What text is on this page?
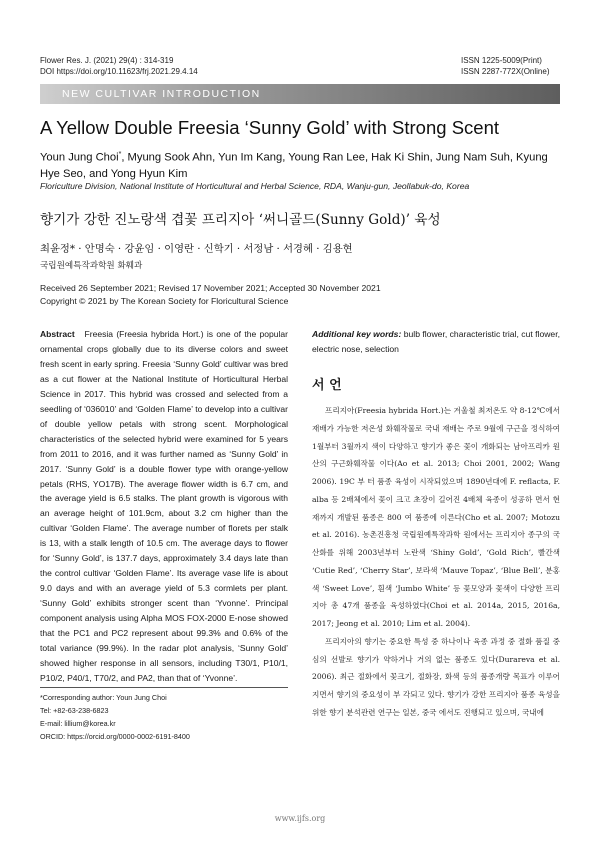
Flower Res. J. (2021) 29(4) : 314-319
DOI https://doi.org/10.11623/frj.2021.29.4.14
ISSN 1225-5009(Print)
ISSN 2287-772X(Online)
NEW CULTIVAR INTRODUCTION
A Yellow Double Freesia ‘Sunny Gold’ with Strong Scent
Youn Jung Choi*, Myung Sook Ahn, Yun Im Kang, Young Ran Lee, Hak Ki Shin, Jung Nam Suh, Kyung Hye Seo, and Yong Hyun Kim
Floriculture Division, National Institute of Horticultural and Herbal Science, RDA, Wanju-gun, Jeollabuk-do, Korea
향기가 강한 진노랑색 겹꽃 프리지아 ‘써니골드(Sunny Gold)’ 육성
최윤정* · 안명숙 · 강윤임 · 이영란 · 신학기 · 서정남 · 서경혜 · 김용현
국립원예특작과학원 화훼과
Received 26 September 2021; Revised 17 November 2021; Accepted 30 November 2021
Copyright © 2021 by The Korean Society for Floricultural Science
Abstract Freesia (Freesia hybrida Hort.) is one of the popular ornamental crops globally due to its diverse colors and sweet fresh scent in early spring. Freesia ‘Sunny Gold’ cultivar was bred as a cut flower at the National Institute of Horticultural Herbal Science in 2017. This hybrid was crossed and selected from a seedling of ‘036010’ and ‘Golden Flame’ to develop into a cultivar of double yellow petals with strong scent. Morphological characteristics of the selected hybrid were examined for 5 years from 2011 to 2016, and it was further named as ‘Sunny Gold’ in 2017. ‘Sunny Gold’ is a double flower type with orange-yellow petals (RHS, YO17B). The average flower width is 6.7 cm, and the average yield is 6.5 stalks. The plant growth is vigorous with an average height of 101.9cm, about 3.2 cm higher than the cultivar ‘Golden Flame’. The average number of florets per stalk is 13, with a stalk length of 10.5 cm. The average days to flower for ‘Sunny Gold’, is 137.7 days, approximately 3.4 days late than the control cultivar ‘Golden Flame’. Its average vase life is about 9.0 days and with an average yield of 5.3 cormlets per plant. ‘Sunny Gold’ exhibits stronger scent than ‘Yvonne’. Principal component analysis using Alpha MOS FOX-2000 E-nose showed that the PC1 and PC2 represent about 99.3% and 0.6% of the total variance (99.9%). In the radar plot analysis, ‘Sunny Gold’ showed higher response in all sensors, including T30/1, P10/1, P10/2, P40/1, T70/2, and PA2, than that of ‘Yvonne’.
*Corresponding author: Youn Jung Choi
Tel: +82-63-238-6823
E-mail: lillium@korea.kr
ORCID: https://orcid.org/0000-0002-6191-8400
Additional key words: bulb flower, characteristic trial, cut flower, electric nose, selection
서 언

프리지아(Freesia hybrida Hort.)는 겨울철 최저온도 약 8-12℃에서 재배가 가능한 저온성 화훼작물로 국내 재배는 주로 9월에 구근을 정식하여 1월부터 3월까지 색이 다양하고 향기가 좋은 꽃이 개화되는 남아프리카 원산의 구근화훼작물 이다(Ao et al. 2013; Choi 2001, 2002; Wang 2006). 19C 부 터 품종 육성이 시작되었으며 1890년대에 F. reflacta, F. alba 등 2배체에서 꽃이 크고 초장이 길어진 4배체 육종이 성공하 면서 현재까지 개발된 품종은 800 여 품종에 이른다(Cho et al. 2007; Motozu et al. 2016). 농촌진흥청 국립원예특작과학 원에서는 프리지아 종구의 국산화를 위해 2003년부터 노란색 ‘Shiny Gold’, ‘Gold Rich’, 빨간색 ‘Cutie Red’, ‘Cherry Star’, 보라색 ‘Mauve Topaz’, ‘Blue Bell’, 분홍색 ‘Sweet Love’, 흰색 ‘Jumbo White’ 등 꽃모양과 꽃색이 다양한 프리지아 총 47개 품종을 육성하였다(Choi et al. 2014a, 2015, 2016a, 2017; Jeong et al. 2010; Lim et al. 2004).

프리지아의 향기는 중요한 특성 중 하나이나 육종 과정 중 절화 품질 중심의 선발로 향기가 약하거나 거의 없는 품종도 있다(Durareva et al. 2006). 최근 절화에서 꽃크기, 절화장, 화색 등의 품종개량 목표가 이루어지면서 향기의 중요성이 부 각되고 있다. 향기가 강한 프리지아 품종 육성을 위한 향기 분석관련 연구는 일본, 중국 에서도 진행되고 있으며, 국내에

www.ijfs.org
